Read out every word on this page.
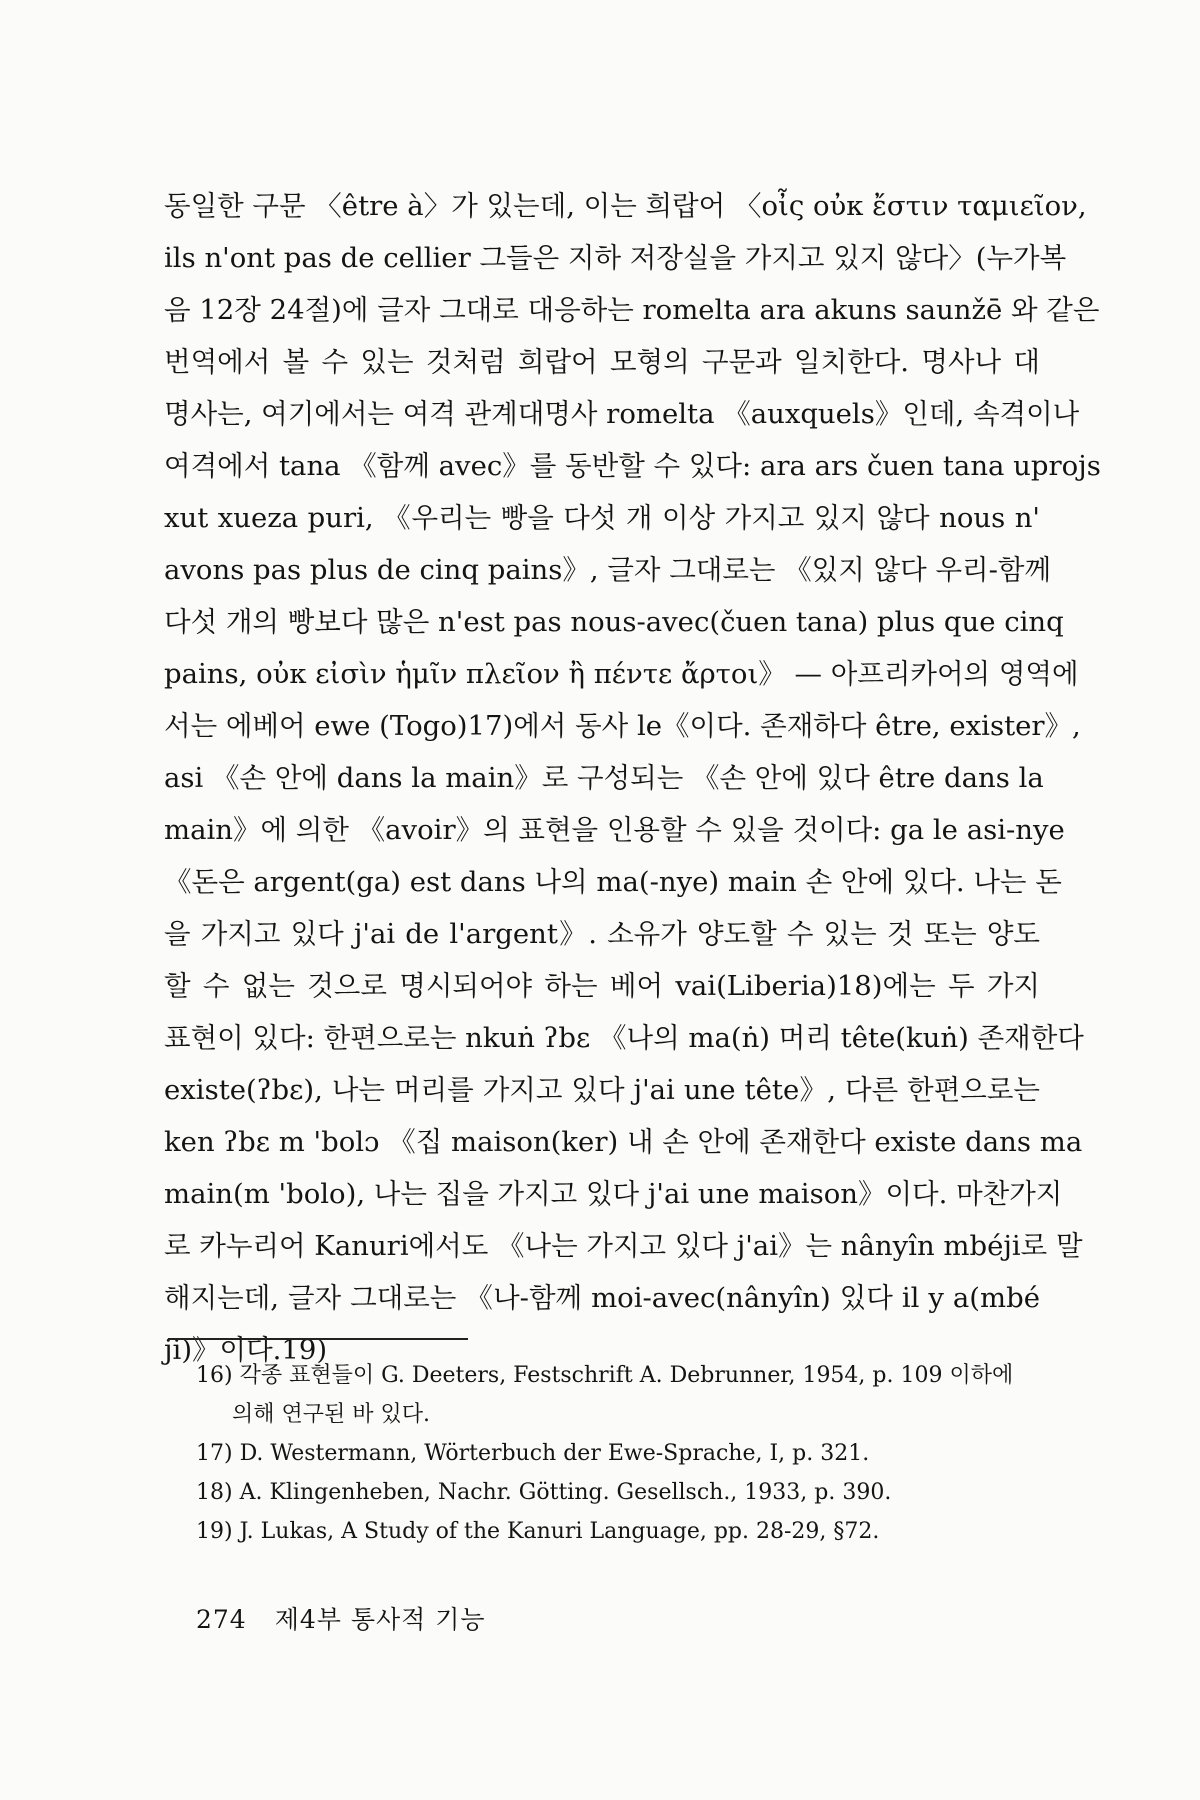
동일한 구문 〈être à〉가 있는데, 이는 희랍어 〈οἶς οὐκ ἔστιν ταμιεῖον,
ils n'ont pas de cellier 그들은 지하 저장실을 가지고 있지 않다〉(누가복
음 12장 24절)에 글자 그대로 대응하는 romelta ara akuns saunžē 와 같은
번역에서 볼 수 있는 것처럼 희랍어 모형의 구문과 일치한다. 명사나 대
명사는, 여기에서는 여격 관계대명사 romelta 《auxquels》인데, 속격이나
여격에서 tana 《함께 avec》를 동반할 수 있다: ara ars čuen tana uprojs
xut xueza puri, 《우리는 빵을 다섯 개 이상 가지고 있지 않다 nous n'
avons pas plus de cinq pains》, 글자 그대로는 《있지 않다 우리-함께
다섯 개의 빵보다 많은 n'est pas nous-avec(čuen tana) plus que cinq
pains, οὐκ εἰσὶν ἡμῖν πλεῖον ἢ πέντε ἄρτοι》 — 아프리카어의 영역에
서는 에베어 ewe (Togo)17)에서 동사 le《이다. 존재하다 être, exister》,
asi 《손 안에 dans la main》로 구성되는 《손 안에 있다 être dans la
main》에 의한 《avoir》의 표현을 인용할 수 있을 것이다: ga le asi-nye
《돈은 argent(ga) est dans 나의 ma(-nye) main 손 안에 있다. 나는 돈
을 가지고 있다 j'ai de l'argent》. 소유가 양도할 수 있는 것 또는 양도
할 수 없는 것으로 명시되어야 하는 베어 vai(Liberia)18)에는 두 가지
표현이 있다: 한편으로는 nkuṅ ʔbɛ 《나의 ma(ṅ) 머리 tête(kuṅ) 존재한다
existe(ʔbɛ), 나는 머리를 가지고 있다 j'ai une tête》, 다른 한편으로는
ken ʔbɛ m 'bolɔ 《집 maison(ker) 내 손 안에 존재한다 existe dans ma
main(m 'bolo), 나는 집을 가지고 있다 j'ai une maison》이다. 마찬가지
로 카누리어 Kanuri에서도 《나는 가지고 있다 j'ai》는 nânyîn mbéji로 말
해지는데, 글자 그대로는 《나-함께 moi-avec(nânyîn) 있다 il y a(mbé
ji)》이다.19)
16) 각종 표현들이 G. Deeters, Festschrift A. Debrunner, 1954, p. 109 이하에
의해 연구된 바 있다.
17) D. Westermann, Wörterbuch der Ewe-Sprache, I, p. 321.
18) A. Klingenheben, Nachr. Götting. Gesellsch., 1933, p. 390.
19) J. Lukas, A Study of the Kanuri Language, pp. 28-29, §72.
274 제4부 통사적 기능
